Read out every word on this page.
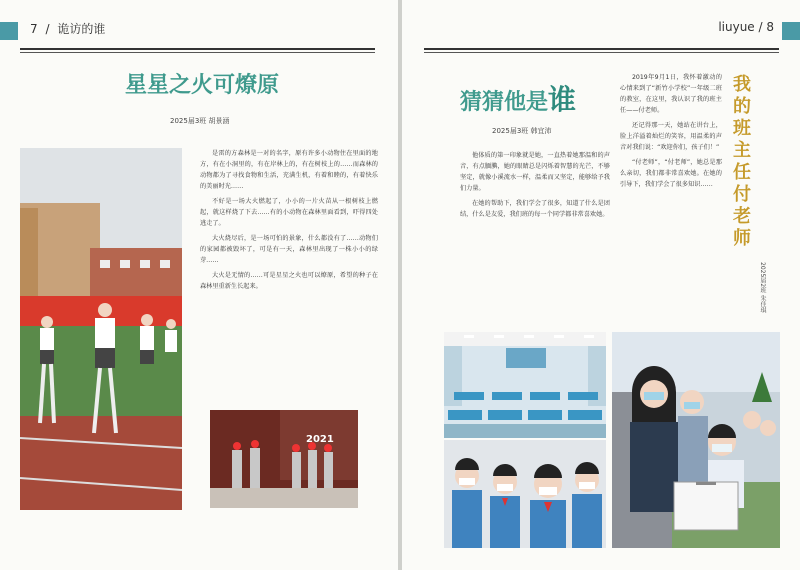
7 / 诡访的谁
星星之火可燎原
2025届3班 胡景涵

是雷的方森林是一对的名字，原有许多小动物住在里面的地方，有在小洞里的，有在岸林上的，有在树枝上的……而森林的动物都为了寻找食物和生活，充满生机，有着和睦的，有着快乐的美丽时光……

不好是一场大火燃起了，小小的一片火苗从一根树枝上燃起，就这样烧了下去……有的小动物在森林里面看到，吓得四处逃走了。

大火烧尽后，是一场可怕的景象，什么都没有了……动物们的家园都被毁坏了，可是有一天，森林里出现了一株小小的绿芽……

大火是无情的……可是星星之火也可以燎原，希望的种子在森林里重新生长起来。

2021
liuyue / 8
猜猜他是谁
2025届3班 韩宜沛

他体质的第一印象就是她，一直热着她那温和的声音，有点腼腆，她的眼睛总是闪烁着智慧的光芒，不够坚定，就像小溪流水一样，温柔而又坚定，能够给予我们力量。

在她的帮助下，我们学会了很多，知道了什么是团结，什么是友爱，我们班的每一个同学都非常喜欢她。

2019年9月1日，我怀着激动的心情来到了“新竹小学校”一年级二班的教室，在这里，我认识了我的班主任——付老师。

还记得那一天，她站在讲台上，脸上洋溢着灿烂的笑容，用温柔的声音对我们说：“欢迎你们，孩子们！”

“付老师”，“付老师”，她总是那么亲切，我们都非常喜欢她。在她的引导下，我们学会了很多知识……

我
的
班
主
任
付
老
师
2025届2班 朱佳琪
